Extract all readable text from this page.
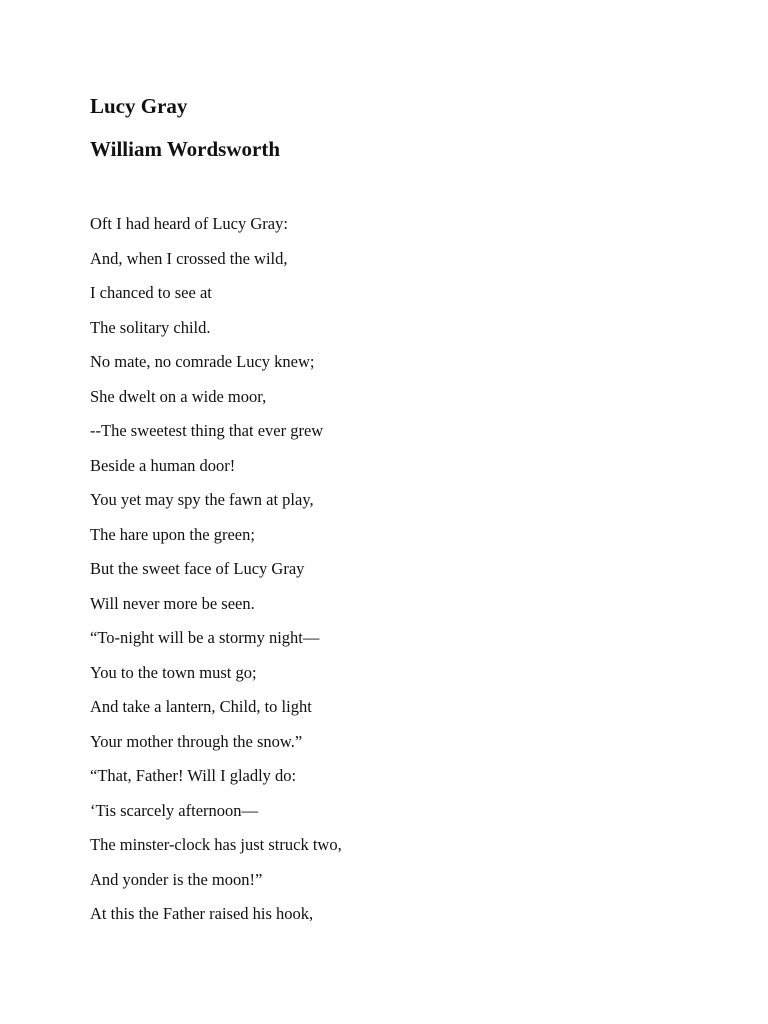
Lucy Gray
William Wordsworth
Oft I had heard of Lucy Gray:
And, when I crossed the wild,
I chanced to see at
The solitary child.
No mate, no comrade Lucy knew;
She dwelt on a wide moor,
--The sweetest thing that ever grew
Beside a human door!
You yet may spy the fawn at play,
The hare upon the green;
But the sweet face of Lucy Gray
Will never more be seen.
“To-night will be a stormy night—
You to the town must go;
And take a lantern, Child, to light
Your mother through the snow.”
“That, Father! Will I gladly do:
‘Tis scarcely afternoon—
The minster-clock has just struck two,
And yonder is the moon!”
At this the Father raised his hook,
